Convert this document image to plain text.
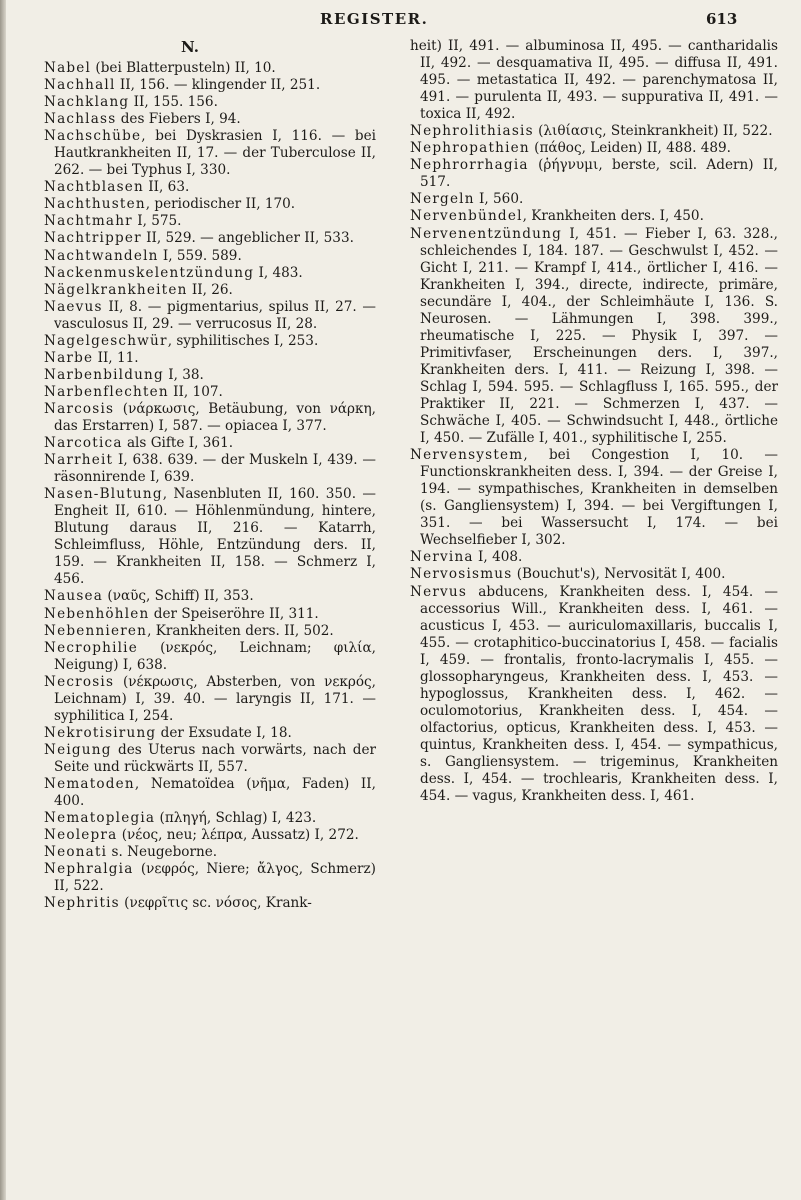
REGISTER.	613
N.
Nabel (bei Blatterpusteln) II, 10.
Nachhall II, 156. — klingender II, 251.
Nachklang II, 155. 156.
Nachlass des Fiebers I, 94.
Nachschübe, bei Dyskrasien I, 116. — bei Hautkrankheiten II, 17. — der Tuberculose II, 262. — bei Typhus I, 330.
Nachtblasen II, 63.
Nachthusten, periodischer II, 170.
Nachtmahr I, 575.
Nachtripper II, 529. — angeblicher II, 533.
Nachtwandeln I, 559. 589.
Nackenmuskelentzündung I, 483.
Nägelkrankheiten II, 26.
Naevus II, 8. — pigmentarius, spilus II, 27. — vasculosus II, 29. — verrucosus II, 28.
Nagelgeschwür, syphilitisches I, 253.
Narbe II, 11.
Narbenbildung I, 38.
Narbenflechten II, 107.
Narcosis (νάρκωσις, Betäubung, von νάρκη, das Erstarren) I, 587. — opiacea I, 377.
Narcotica als Gifte I, 361.
Narrheit I, 638. 639. — der Muskeln I, 439. — räsonnirende I, 639.
Nasen-Blutung, Nasenbluten II, 160. 350. — Engheit II, 610. — Höhlenmündung, hintere, Blutung daraus II, 216. — Katarrh, Schleimfluss, Höhle, Entzündung ders. II, 159. — Krankheiten II, 158. — Schmerz I, 456.
Nausea (ναῦς, Schiff) II, 353.
Nebenhöhlen der Speiseröhre II, 311.
Nebennieren, Krankheiten ders. II, 502.
Necrophilie (νεκρός, Leichnam; φιλία, Neigung) I, 638.
Necrosis (νέκρωσις, Absterben, von νεκρός, Leichnam) I, 39. 40. — laryngis II, 171. — syphilitica I, 254.
Nekrotisirung der Exsudate I, 18.
Neigung des Uterus nach vorwärts, nach der Seite und rückwärts II, 557.
Nematoden, Nematoïdea (νῆμα, Faden) II, 400.
Nematoplegia (πληγή, Schlag) I, 423.
Neolepra (νέος, neu; λέπρα, Aussatz) I, 272.
Neonati s. Neugeborne.
Nephralgia (νεφρός, Niere; ἄλγος, Schmerz) II, 522.
Nephritis (νεφρῖτις sc. νόσος, Krank-
heit) II, 491. — albuminosa II, 495. — cantharidalis II, 492. — desquamativa II, 495. — diffusa II, 491. 495. — metastatica II, 492. — parenchymatosa II, 491. — purulenta II, 493. — suppurativa II, 491. — toxica II, 492.
Nephrolithiasis (λιθίασις, Steinkrankheit) II, 522.
Nephropathien (πάθος, Leiden) II, 488. 489.
Nephrorrhagia (ῥήγνυμι, berste, scil. Adern) II, 517.
Nergeln I, 560.
Nervenbündel, Krankheiten ders. I, 450.
Nervenentzündung I, 451. — Fieber I, 63. 328., schleichendes I, 184. 187. — Geschwulst I, 452. — Gicht I, 211. — Krampf I, 414., örtlicher I, 416. — Krankheiten I, 394., directe, indirecte, primäre, secundäre I, 404., der Schleimhäute I, 136. S. Neurosen. — Lähmungen I, 398. 399., rheumatische I, 225. — Physik I, 397. — Primitivfaser, Erscheinungen ders. I, 397., Krankheiten ders. I, 411. — Reizung I, 398. — Schlag I, 594. 595. — Schlagfluss I, 165. 595., der Praktiker II, 221. — Schmerzen I, 437. — Schwäche I, 405. — Schwindsucht I, 448., örtliche I, 450. — Zufälle I, 401., syphilitische I, 255.
Nervensystem, bei Congestion I, 10. — Functionskrankheiten dess. I, 394. — der Greise I, 194. — sympathisches, Krankheiten in demselben (s. Gangliensystem) I, 394. — bei Vergiftungen I, 351. — bei Wassersucht I, 174. — bei Wechselfieber I, 302.
Nervina I, 408.
Nervosismus (Bouchut's), Nervosität I, 400.
Nervus abducens, Krankheiten dess. I, 454. — accessorius Will., Krankheiten dess. I, 461. — acusticus I, 453. — auriculomaxillaris, buccalis I, 455. — crotaphitico-buccinatorius I, 458. — facialis I, 459. — frontalis, fronto-lacrymalis I, 455. — glossopharyngeus, Krankheiten dess. I, 453. — hypoglossus, Krankheiten dess. I, 462. — oculomotorius, Krankheiten dess. I, 454. — olfactorius, opticus, Krankheiten dess. I, 453. — quintus, Krankheiten dess. I, 454. — sympathicus, s. Gangliensystem. — trigeminus, Krankheiten dess. I, 454. — trochlearis, Krankheiten dess. I, 454. — vagus, Krankheiten dess. I, 461.
